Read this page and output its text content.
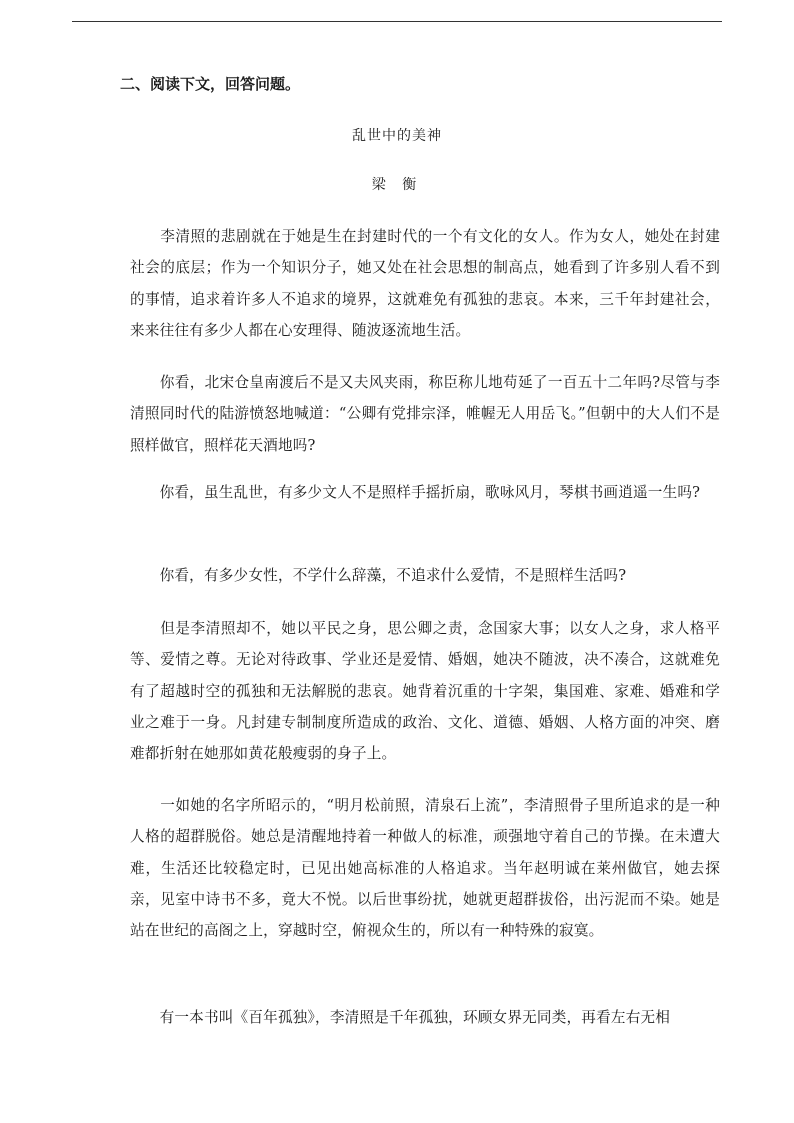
二、阅读下文，回答问题。
乱世中的美神
梁 衡

　　李清照的悲剧就在于她是生在封建时代的一个有文化的女人。作为女人，她处在封建社会的底层；作为一个知识分子，她又处在社会思想的制高点，她看到了许多别人看不到的事情，追求着许多人不追求的境界，这就难免有孤独的悲哀。本来，三千年封建社会，来来往往有多少人都在心安理得、随波逐流地生活。

　　你看，北宋仓皇南渡后不是又夫风夹雨，称臣称儿地苟延了一百五十二年吗?尽管与李清照同时代的陆游愤怒地喊道：“公卿有党排宗泽，帷幄无人用岳飞。”但朝中的大人们不是照样做官，照样花天酒地吗?

　　你看，虽生乱世，有多少文人不是照样手摇折扇，歌咏风月，琴棋书画逍遥一生吗?

　　你看，有多少女性，不学什么辞藻，不追求什么爱情，不是照样生活吗?

　　但是李清照却不，她以平民之身，思公卿之责，念国家大事；以女人之身，求人格平等、爱情之尊。无论对待政事、学业还是爱情、婚姻，她决不随波，决不凑合，这就难免有了超越时空的孤独和无法解脱的悲哀。她背着沉重的十字架，集国难、家难、婚难和学业之难于一身。凡封建专制制度所造成的政治、文化、道德、婚姻、人格方面的冲突、磨难都折射在她那如黄花般瘦弱的身子上。

　　一如她的名字所昭示的，“明月松前照，清泉石上流”，李清照骨子里所追求的是一种人格的超群脱俗。她总是清醒地持着一种做人的标准，顽强地守着自己的节操。在未遭大难，生活还比较稳定时，已见出她高标准的人格追求。当年赵明诚在莱州做官，她去探亲，见室中诗书不多，竟大不悦。以后世事纷扰，她就更超群拔俗，出污泥而不染。她是站在世纪的高阁之上，穿越时空，俯视众生的，所以有一种特殊的寂寞。

　　有一本书叫《百年孤独》，李清照是千年孤独，环顾女界无同类，再看左右无相
